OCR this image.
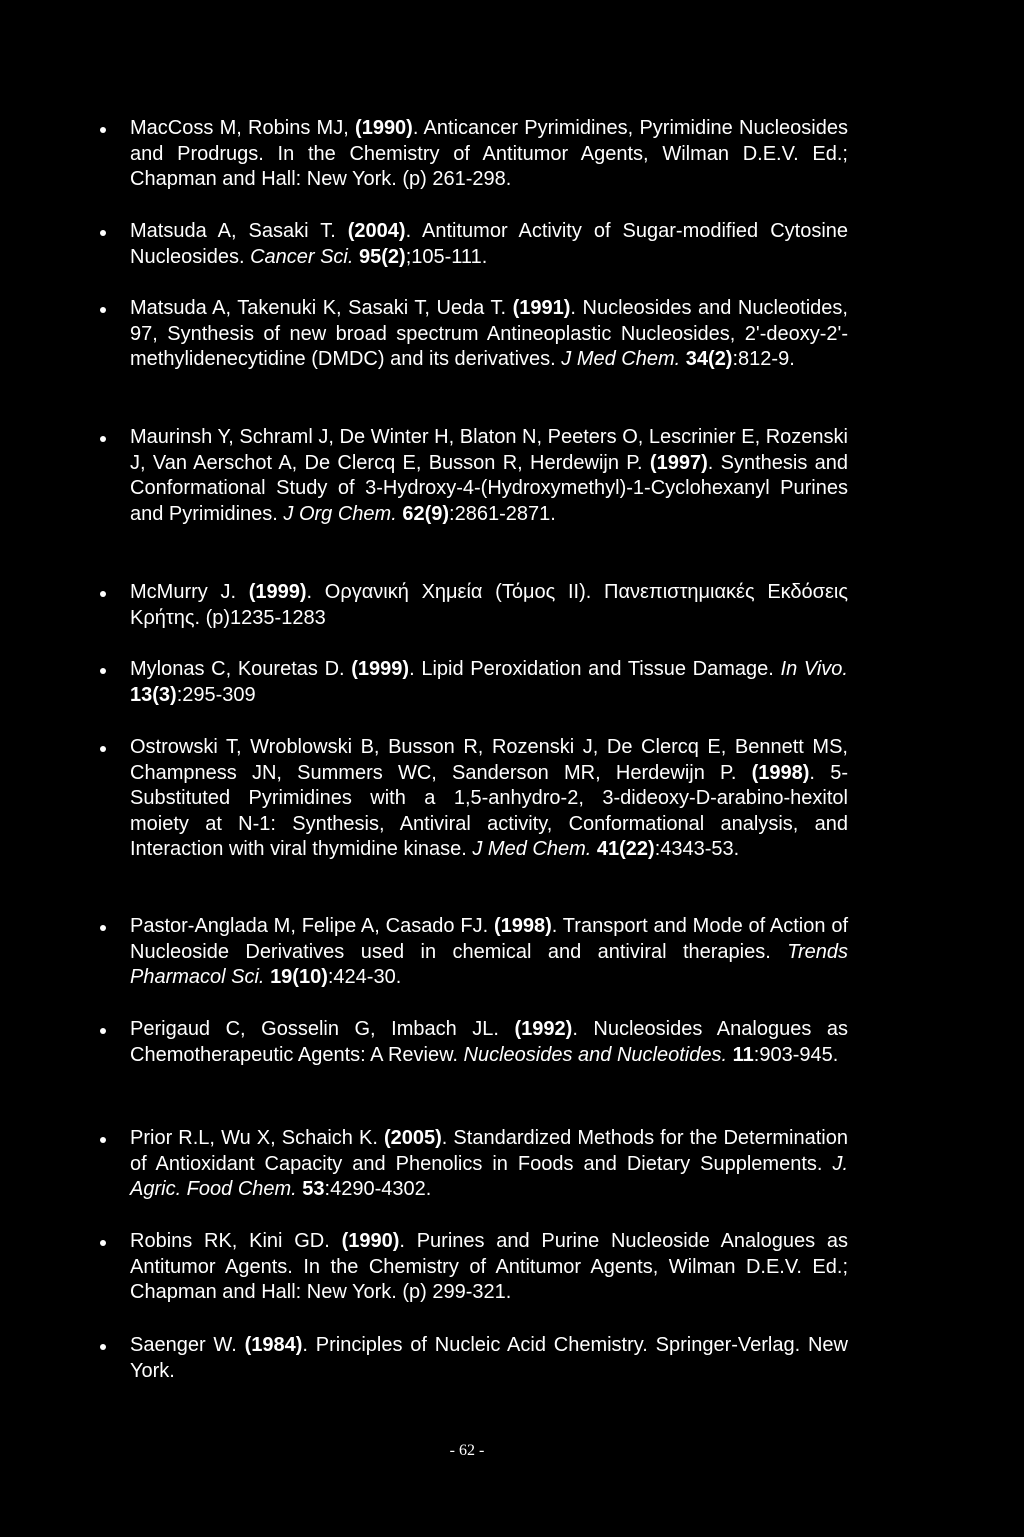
MacCoss M, Robins MJ, (1990). Anticancer Pyrimidines, Pyrimidine Nucleosides and Prodrugs. In the Chemistry of Antitumor Agents, Wilman D.E.V. Ed.; Chapman and Hall: New York. (p) 261-298.
Matsuda A, Sasaki T. (2004). Antitumor Activity of Sugar-modified Cytosine Nucleosides. Cancer Sci. 95(2);105-111.
Matsuda A, Takenuki K, Sasaki T, Ueda T. (1991). Nucleosides and Nucleotides, 97, Synthesis of new broad spectrum Antineoplastic Nucleosides, 2'-deoxy-2'-methylidenecytidine (DMDC) and its derivatives. J Med Chem. 34(2):812-9.
Maurinsh Y, Schraml J, De Winter H, Blaton N, Peeters O, Lescrinier E, Rozenski J, Van Aerschot A, De Clercq E, Busson R, Herdewijn P. (1997). Synthesis and Conformational Study of 3-Hydroxy-4-(Hydroxymethyl)-1-Cyclohexanyl Purines and Pyrimidines. J Org Chem. 62(9):2861-2871.
McMurry J. (1999). Οργανική Χημεία (Τόμος ΙΙ). Πανεπιστημιακές Εκδόσεις Κρήτης. (p)1235-1283
Mylonas C, Kouretas D. (1999). Lipid Peroxidation and Tissue Damage. In Vivo. 13(3):295-309
Ostrowski T, Wroblowski B, Busson R, Rozenski J, De Clercq E, Bennett MS, Champness JN, Summers WC, Sanderson MR, Herdewijn P. (1998). 5-Substituted Pyrimidines with a 1,5-anhydro-2, 3-dideoxy-D-arabino-hexitol moiety at N-1: Synthesis, Antiviral activity, Conformational analysis, and Interaction with viral thymidine kinase. J Med Chem. 41(22):4343-53.
Pastor-Anglada M, Felipe A, Casado FJ. (1998). Transport and Mode of Action of Nucleoside Derivatives used in chemical and antiviral therapies. Trends Pharmacol Sci. 19(10):424-30.
Perigaud C, Gosselin G, Imbach JL. (1992). Nucleosides Analogues as Chemotherapeutic Agents: A Review. Nucleosides and Nucleotides. 11:903-945.
Prior R.L, Wu X, Schaich K. (2005). Standardized Methods for the Determination of Antioxidant Capacity and Phenolics in Foods and Dietary Supplements. J. Agric. Food Chem. 53:4290-4302.
Robins RK, Kini GD. (1990). Purines and Purine Nucleoside Analogues as Antitumor Agents. In the Chemistry of Antitumor Agents, Wilman D.E.V. Ed.; Chapman and Hall: New York. (p) 299-321.
Saenger W. (1984). Principles of Nucleic Acid Chemistry. Springer-Verlag. New York.
- 62 -
